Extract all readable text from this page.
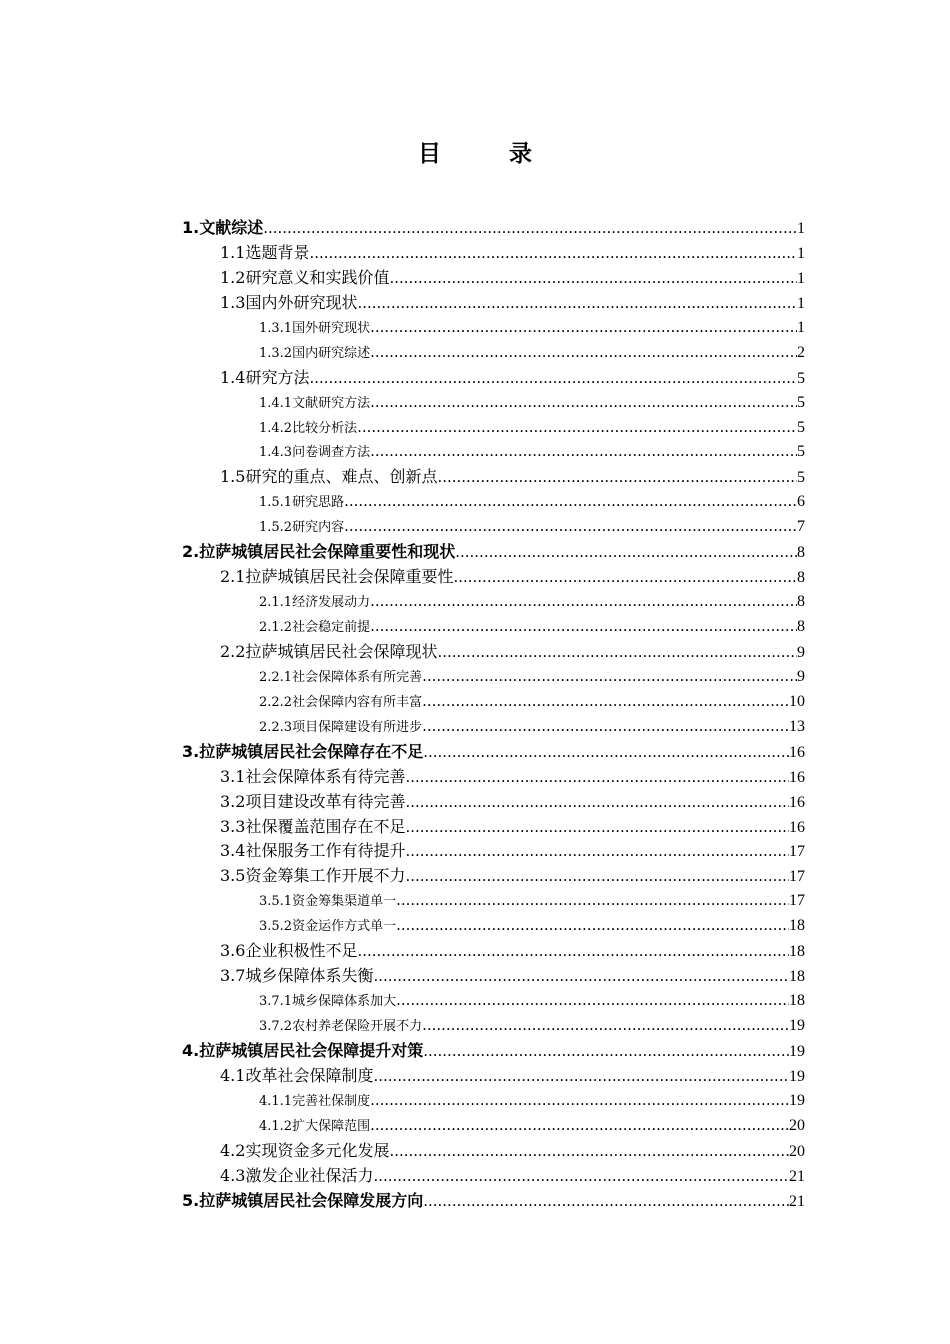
目 录
1.文献综述 .....	1
1.1选题背景 .....	1
1.2研究意义和实践价值 .....	1
1.3国内外研究现状 .....	1
1.3.1国外研究现状 .....	1
1.3.2国内研究综述 .....	2
1.4研究方法 .....	5
1.4.1文献研究方法 .....	5
1.4.2比较分析法 .....	5
1.4.3问卷调查方法 .....	5
1.5研究的重点、难点、创新点 .....	5
1.5.1研究思路 .....	6
1.5.2研究内容 .....	7
2.拉萨城镇居民社会保障重要性和现状 .....	8
2.1拉萨城镇居民社会保障重要性 .....	8
2.1.1经济发展动力 .....	8
2.1.2社会稳定前提 .....	8
2.2拉萨城镇居民社会保障现状 .....	9
2.2.1社会保障体系有所完善 .....	9
2.2.2社会保障内容有所丰富 .....	10
2.2.3项目保障建设有所进步 .....	13
3.拉萨城镇居民社会保障存在不足 .....	16
3.1社会保障体系有待完善 .....	16
3.2项目建设改革有待完善 .....	16
3.3社保覆盖范围存在不足 .....	16
3.4社保服务工作有待提升 .....	17
3.5资金筹集工作开展不力 .....	17
3.5.1资金筹集渠道单一 .....	17
3.5.2资金运作方式单一 .....	18
3.6企业积极性不足 .....	18
3.7城乡保障体系失衡 .....	18
3.7.1城乡保障体系加大 .....	18
3.7.2农村养老保险开展不力 .....	19
4.拉萨城镇居民社会保障提升对策 .....	19
4.1改革社会保障制度 .....	19
4.1.1完善社保制度 .....	19
4.1.2扩大保障范围 .....	20
4.2实现资金多元化发展 .....	20
4.3激发企业社保活力 .....	21
5.拉萨城镇居民社会保障发展方向 .....	21
